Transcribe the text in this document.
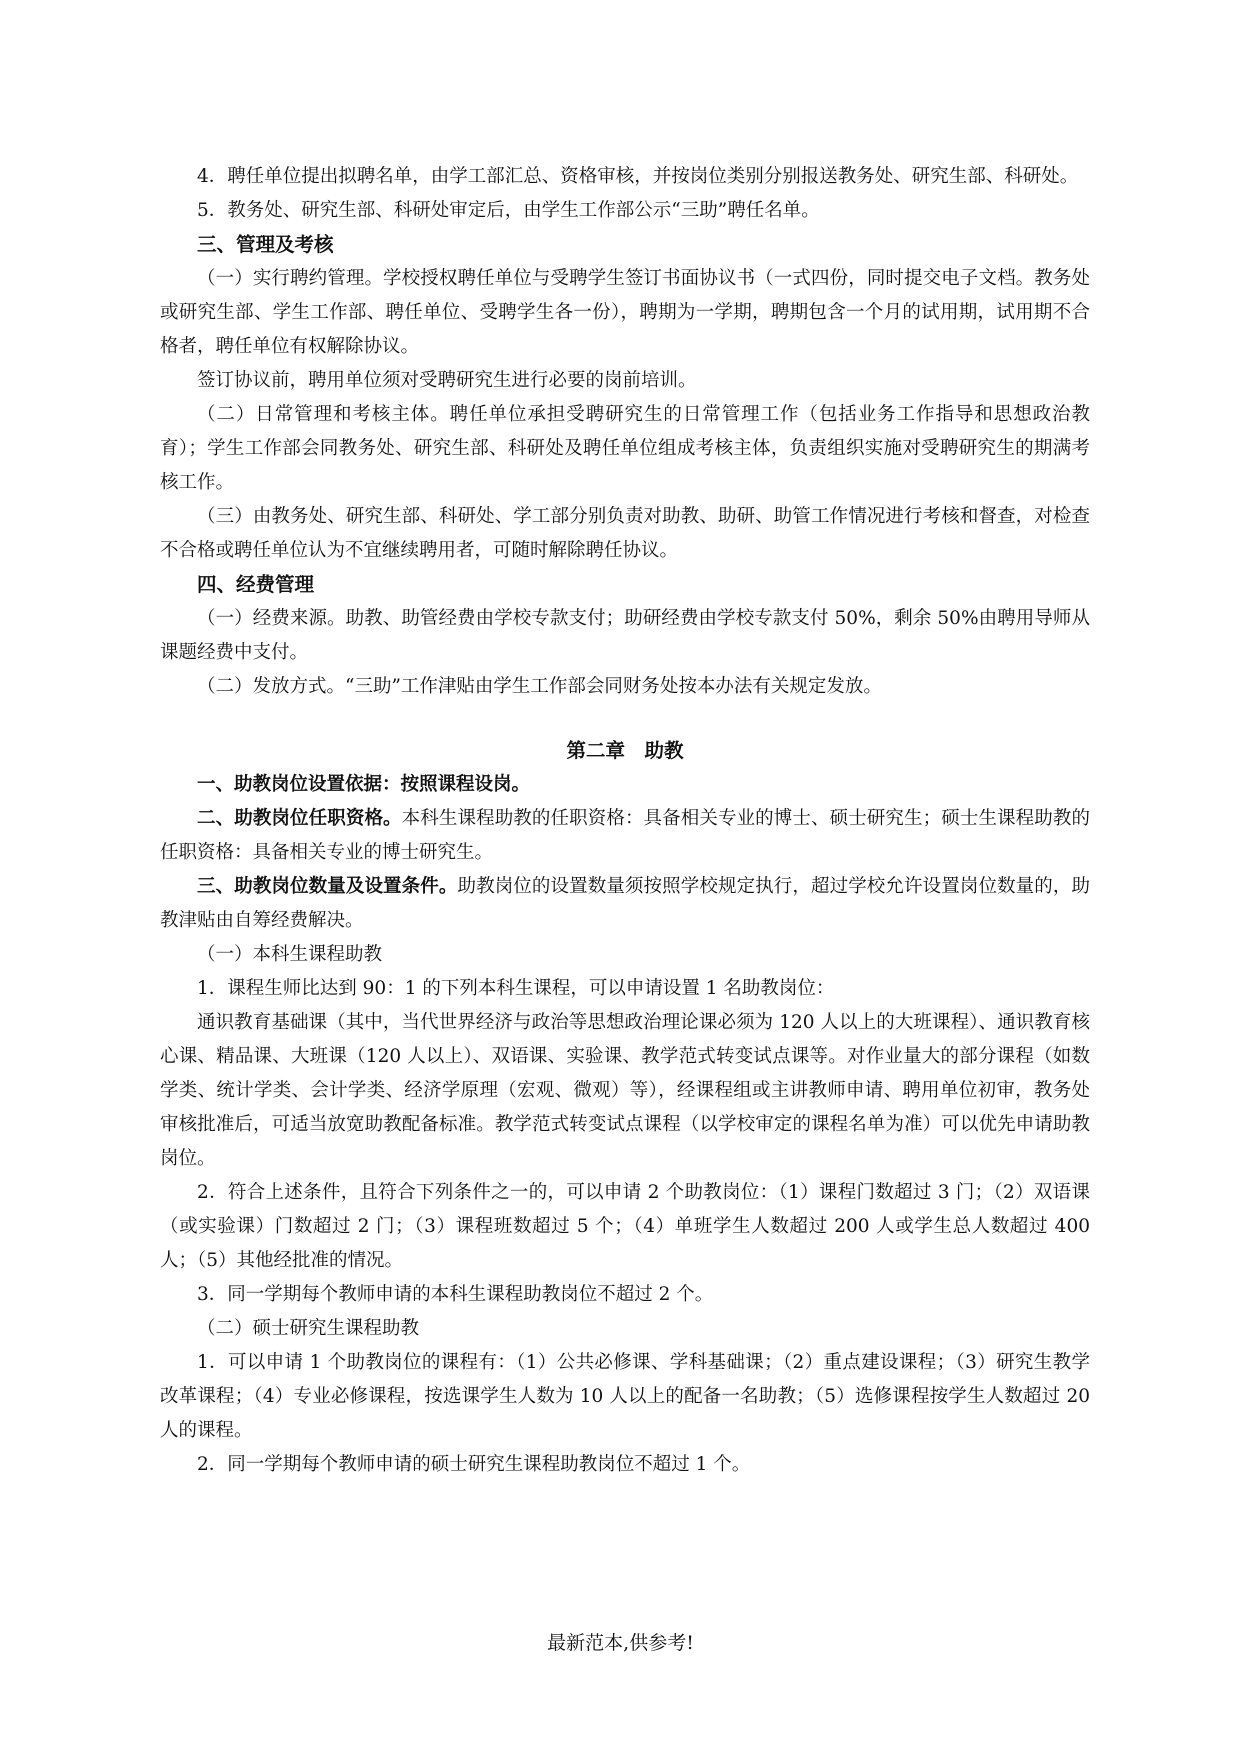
4．聘任单位提出拟聘名单，由学工部汇总、资格审核，并按岗位类别分别报送教务处、研究生部、科研处。

5．教务处、研究生部、科研处审定后，由学生工作部公示“三助”聘任名单。

三、管理及考核

（一）实行聘约管理。学校授权聘任单位与受聘学生签订书面协议书（一式四份，同时提交电子文档。教务处或研究生部、学生工作部、聘任单位、受聘学生各一份），聘期为一学期，聘期包含一个月的试用期，试用期不合格者，聘任单位有权解除协议。

签订协议前，聘用单位须对受聘研究生进行必要的岗前培训。

（二）日常管理和考核主体。聘任单位承担受聘研究生的日常管理工作（包括业务工作指导和思想政治教育）；学生工作部会同教务处、研究生部、科研处及聘任单位组成考核主体，负责组织实施对受聘研究生的期满考核工作。

（三）由教务处、研究生部、科研处、学工部分别负责对助教、助研、助管工作情况进行考核和督查，对检查不合格或聘任单位认为不宜继续聘用者，可随时解除聘任协议。

四、经费管理

（一）经费来源。助教、助管经费由学校专款支付；助研经费由学校专款支付 50%，剩余 50%由聘用导师从课题经费中支付。

（二）发放方式。“三助”工作津贴由学生工作部会同财务处按本办法有关规定发放。

第二章　助教

一、助教岗位设置依据：按照课程设岗。

二、助教岗位任职资格。本科生课程助教的任职资格：具备相关专业的博士、硕士研究生；硕士生课程助教的任职资格：具备相关专业的博士研究生。

三、助教岗位数量及设置条件。助教岗位的设置数量须按照学校规定执行，超过学校允许设置岗位数量的，助教津贴由自筹经费解决。

（一）本科生课程助教

1．课程生师比达到 90：1 的下列本科生课程，可以申请设置 1 名助教岗位：

通识教育基础课（其中，当代世界经济与政治等思想政治理论课必须为 120 人以上的大班课程）、通识教育核心课、精品课、大班课（120 人以上）、双语课、实验课、教学范式转变试点课等。对作业量大的部分课程（如数学类、统计学类、会计学类、经济学原理（宏观、微观）等），经课程组或主讲教师申请、聘用单位初审，教务处审核批准后，可适当放宽助教配备标准。教学范式转变试点课程（以学校审定的课程名单为准）可以优先申请助教岗位。

2．符合上述条件，且符合下列条件之一的，可以申请 2 个助教岗位：（1）课程门数超过 3 门；（2）双语课（或实验课）门数超过 2 门；（3）课程班数超过 5 个；（4）单班学生人数超过 200 人或学生总人数超过 400 人；（5）其他经批准的情况。

3．同一学期每个教师申请的本科生课程助教岗位不超过 2 个。

（二）硕士研究生课程助教

1．可以申请 1 个助教岗位的课程有：（1）公共必修课、学科基础课；（2）重点建设课程；（3）研究生教学改革课程；（4）专业必修课程，按选课学生人数为 10 人以上的配备一名助教；（5）选修课程按学生人数超过 20 人的课程。

2．同一学期每个教师申请的硕士研究生课程助教岗位不超过 1 个。

最新范本,供参考!
